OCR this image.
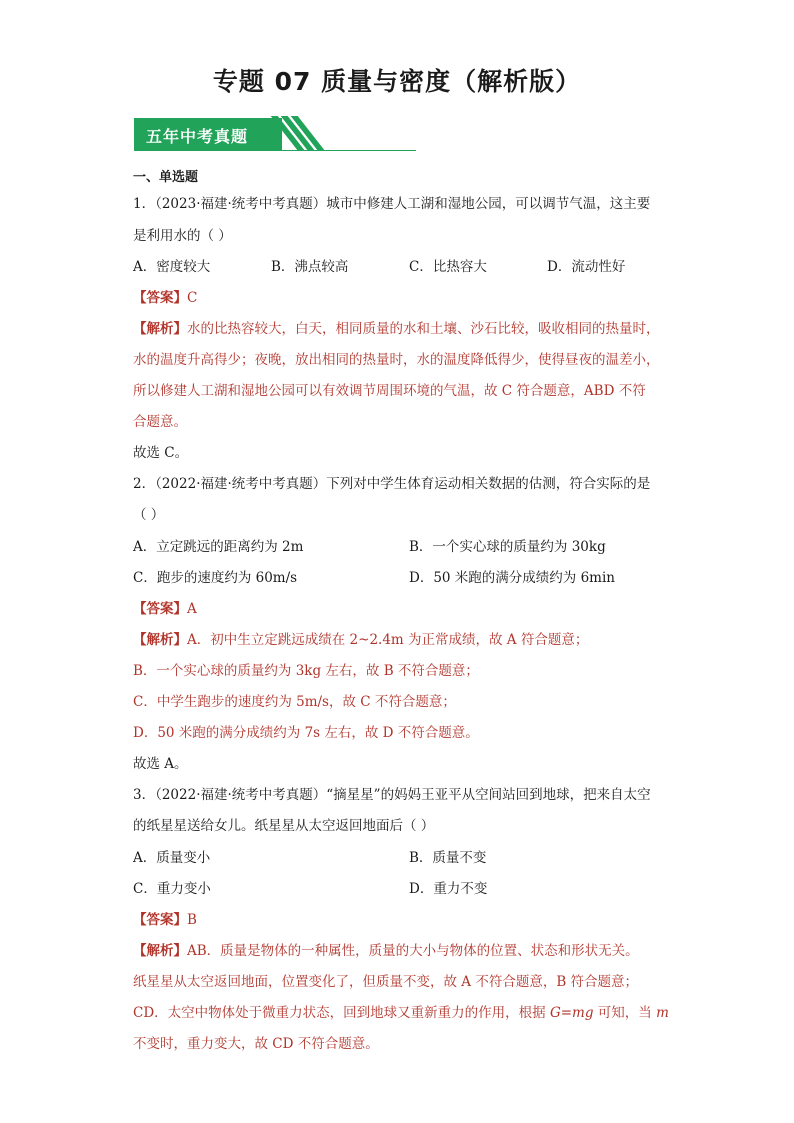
专题 07 质量与密度（解析版）
五年中考真题
一、单选题
1．（2023·福建·统考中考真题）城市中修建人工湖和湿地公园，可以调节气温，这主要
是利用水的（ ）
A．密度较大	B．沸点较高	C．比热容大	D．流动性好
【答案】C
【解析】水的比热容较大，白天，相同质量的水和土壤、沙石比较，吸收相同的热量时，
水的温度升高得少；夜晚，放出相同的热量时，水的温度降低得少，使得昼夜的温差小，
所以修建人工湖和湿地公园可以有效调节周围环境的气温，故 C 符合题意，ABD 不符
合题意。
故选 C。
2．（2022·福建·统考中考真题）下列对中学生体育运动相关数据的估测，符合实际的是
（ ）
A．立定跳远的距离约为 2m	B．一个实心球的质量约为 30kg
C．跑步的速度约为 60m/s	D．50 米跑的满分成绩约为 6min
【答案】A
【解析】A．初中生立定跳远成绩在 2~2.4m 为正常成绩，故 A 符合题意；
B．一个实心球的质量约为 3kg 左右，故 B 不符合题意；
C．中学生跑步的速度约为 5m/s，故 C 不符合题意；
D．50 米跑的满分成绩约为 7s 左右，故 D 不符合题意。
故选 A。
3．（2022·福建·统考中考真题）“摘星星”的妈妈王亚平从空间站回到地球，把来自太空
的纸星星送给女儿。纸星星从太空返回地面后（ ）
A．质量变小	B．质量不变
C．重力变小	D．重力不变
【答案】B
【解析】AB．质量是物体的一种属性，质量的大小与物体的位置、状态和形状无关。
纸星星从太空返回地面，位置变化了，但质量不变，故 A 不符合题意，B 符合题意；
CD．太空中物体处于微重力状态，回到地球又重新重力的作用，根据 G=mg 可知，当 m
不变时，重力变大，故 CD 不符合题意。
